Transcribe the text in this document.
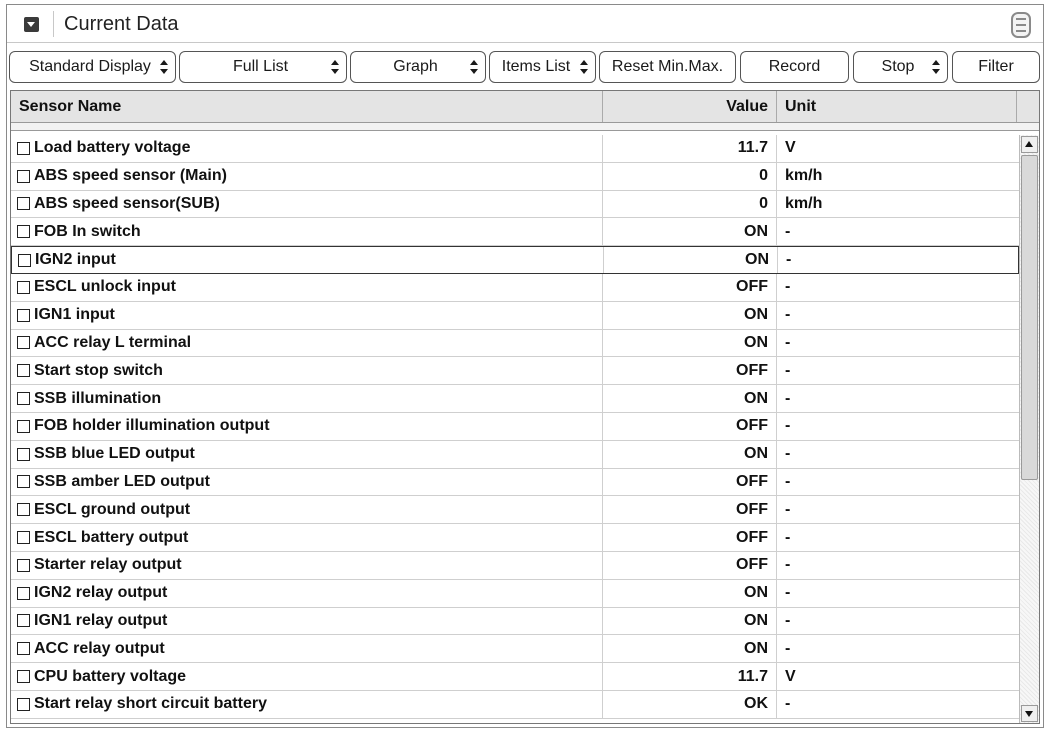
Current Data
Standard Display	Full List	Graph	Items List	Reset Min.Max.	Record	Stop	Filter
Sensor Name	Value	Unit
Load battery voltage	11.7	V
ABS speed sensor (Main)	0	km/h
ABS speed sensor(SUB)	0	km/h
FOB In switch	ON	-
IGN2 input	ON	-
ESCL unlock input	OFF	-
IGN1 input	ON	-
ACC relay L terminal	ON	-
Start stop switch	OFF	-
SSB illumination	ON	-
FOB holder illumination output	OFF	-
SSB blue LED output	ON	-
SSB amber LED output	OFF	-
ESCL ground output	OFF	-
ESCL battery output	OFF	-
Starter relay output	OFF	-
IGN2 relay output	ON	-
IGN1 relay output	ON	-
ACC relay output	ON	-
CPU battery voltage	11.7	V
Start relay short circuit battery	OK	-
